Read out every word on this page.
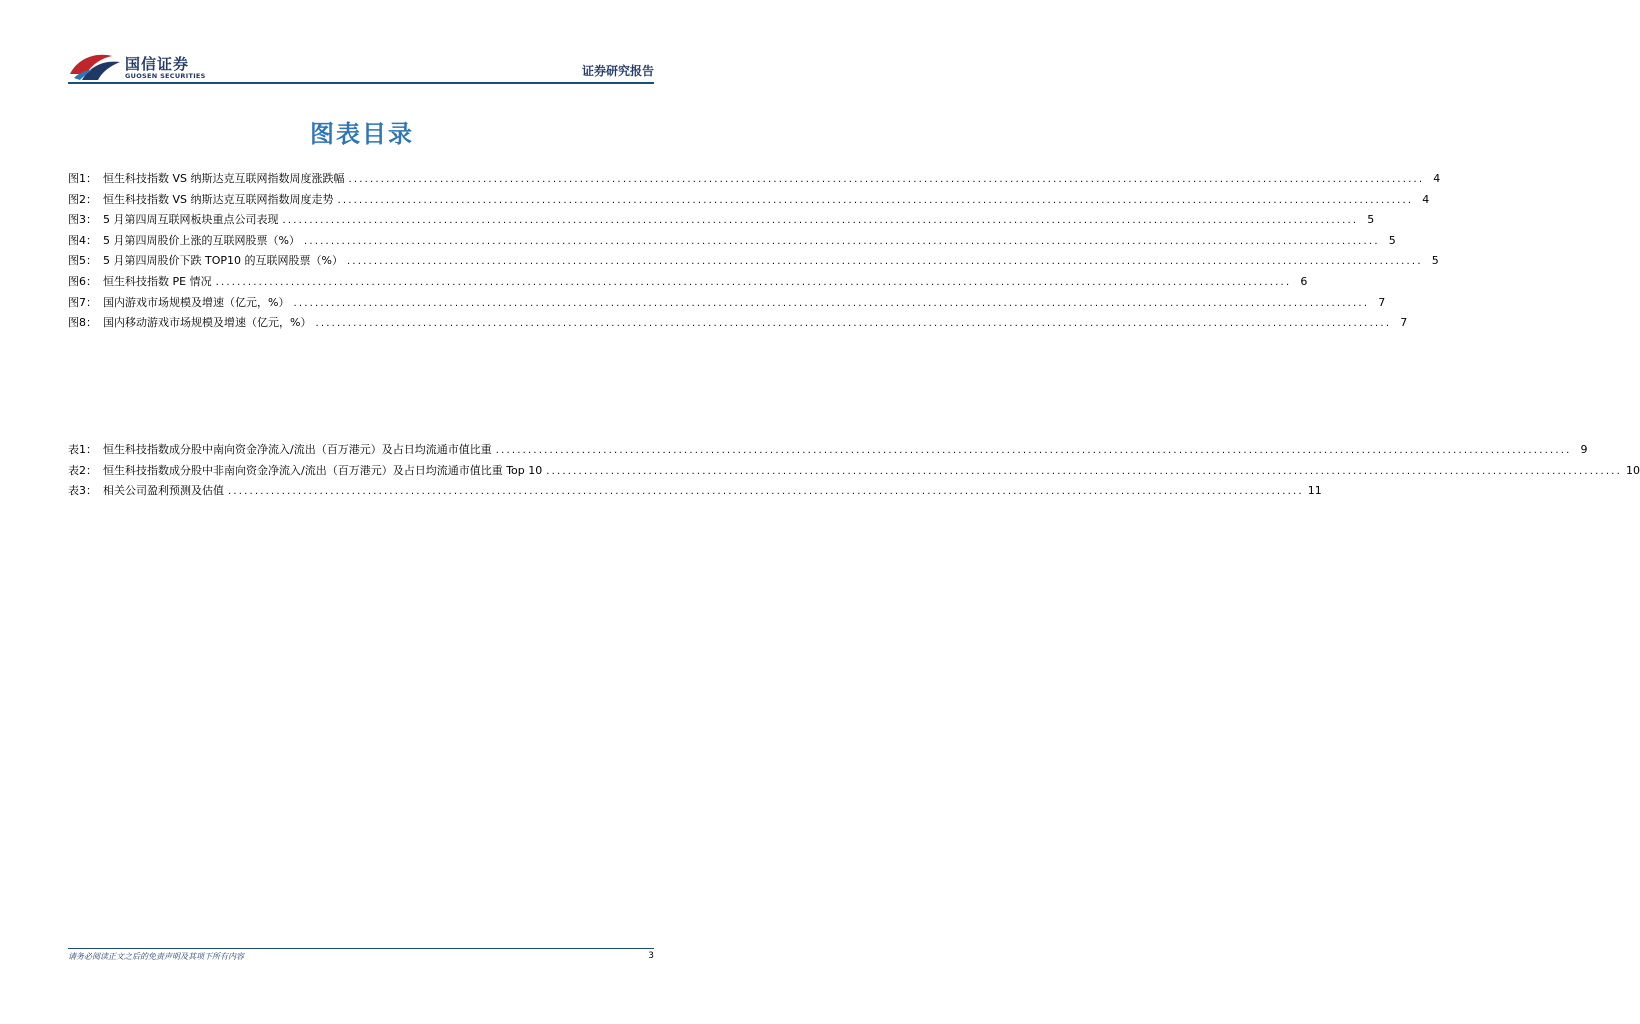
国信证券
GUOSEN SECURITIES	证券研究报告
图表目录
图1： 恒生科技指数 VS 纳斯达克互联网指数周度涨跌幅 ........................................................................................................................................................................................................ 4
图2： 恒生科技指数 VS 纳斯达克互联网指数周度走势 ........................................................................................................................................................................................................ 4
图3： 5 月第四周互联网板块重点公司表现 ........................................................................................................................................................................................................ 5
图4： 5 月第四周股价上涨的互联网股票（%） ........................................................................................................................................................................................................ 5
图5： 5 月第四周股价下跌 TOP10 的互联网股票（%） ........................................................................................................................................................................................................ 5
图6： 恒生科技指数 PE 情况 ........................................................................................................................................................................................................ 6
图7： 国内游戏市场规模及增速（亿元，%） ........................................................................................................................................................................................................ 7
图8： 国内移动游戏市场规模及增速（亿元，%） ........................................................................................................................................................................................................ 7
表1： 恒生科技指数成分股中南向资金净流入/流出（百万港元）及占日均流通市值比重 ........................................................................................................................................................................................................ 9
表2： 恒生科技指数成分股中非南向资金净流入/流出（百万港元）及占日均流通市值比重 Top 10 ........................................................................................................................................................................................................ 10
表3： 相关公司盈利预测及估值 ........................................................................................................................................................................................................ 11
请务必阅读正文之后的免责声明及其项下所有内容	3
